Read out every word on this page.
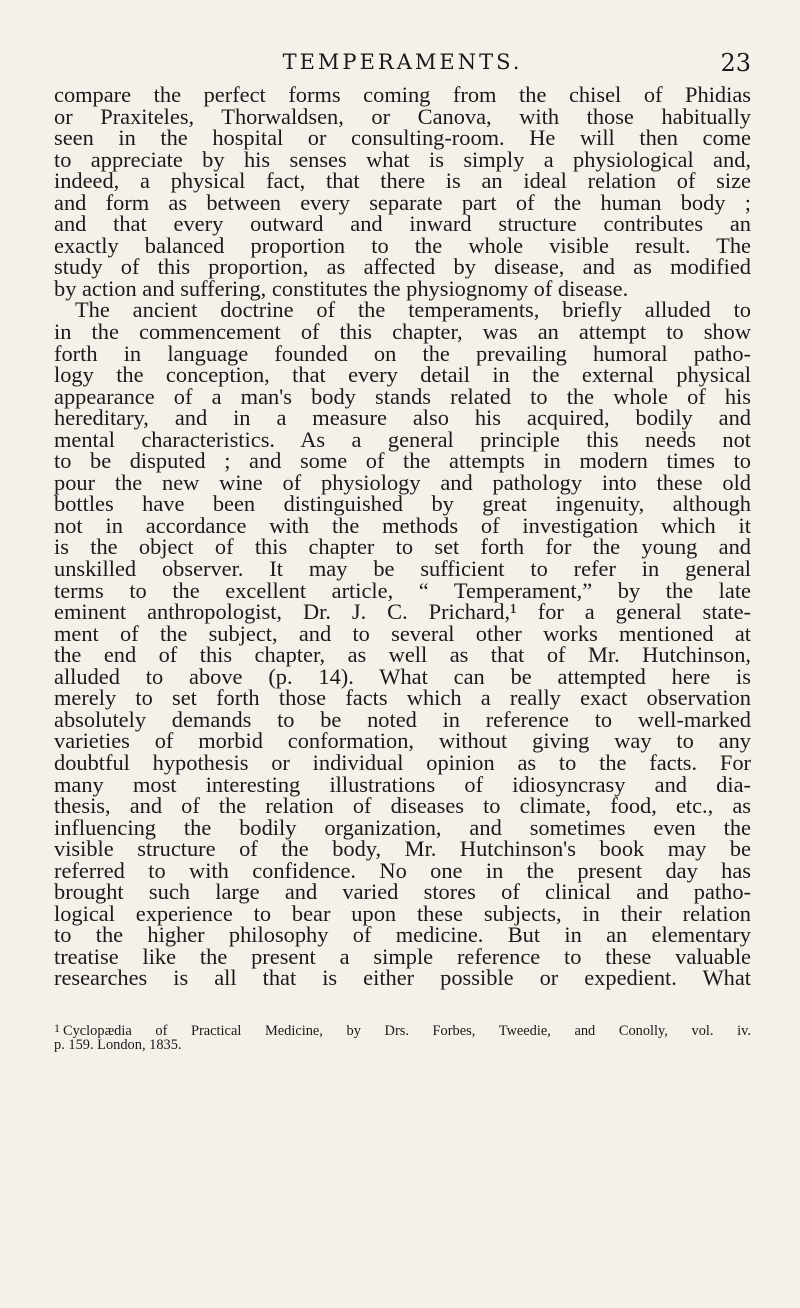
TEMPERAMENTS.	23
compare the perfect forms coming from the chisel of Phidias
or Praxiteles, Thorwaldsen, or Canova, with those habitually
seen in the hospital or consulting-room. He will then come
to appreciate by his senses what is simply a physiological and,
indeed, a physical fact, that there is an ideal relation of size
and form as between every separate part of the human body ;
and that every outward and inward structure contributes an
exactly balanced proportion to the whole visible result. The
study of this proportion, as affected by disease, and as modified
by action and suffering, constitutes the physiognomy of disease.
The ancient doctrine of the temperaments, briefly alluded to
in the commencement of this chapter, was an attempt to show
forth in language founded on the prevailing humoral patho-
logy the conception, that every detail in the external physical
appearance of a man's body stands related to the whole of his
hereditary, and in a measure also his acquired, bodily and
mental characteristics. As a general principle this needs not
to be disputed ; and some of the attempts in modern times to
pour the new wine of physiology and pathology into these old
bottles have been distinguished by great ingenuity, although
not in accordance with the methods of investigation which it
is the object of this chapter to set forth for the young and
unskilled observer. It may be sufficient to refer in general
terms to the excellent article, “ Temperament,” by the late
eminent anthropologist, Dr. J. C. Prichard,¹ for a general state-
ment of the subject, and to several other works mentioned at
the end of this chapter, as well as that of Mr. Hutchinson,
alluded to above (p. 14). What can be attempted here is
merely to set forth those facts which a really exact observation
absolutely demands to be noted in reference to well-marked
varieties of morbid conformation, without giving way to any
doubtful hypothesis or individual opinion as to the facts. For
many most interesting illustrations of idiosyncrasy and dia-
thesis, and of the relation of diseases to climate, food, etc., as
influencing the bodily organization, and sometimes even the
visible structure of the body, Mr. Hutchinson's book may be
referred to with confidence. No one in the present day has
brought such large and varied stores of clinical and patho-
logical experience to bear upon these subjects, in their relation
to the higher philosophy of medicine. But in an elementary
treatise like the present a simple reference to these valuable
researches is all that is either possible or expedient. What
$^1$ Cyclopædia of Practical Medicine, by Drs. Forbes, Tweedie, and Conolly, vol. iv.
p. 159. London, 1835.
